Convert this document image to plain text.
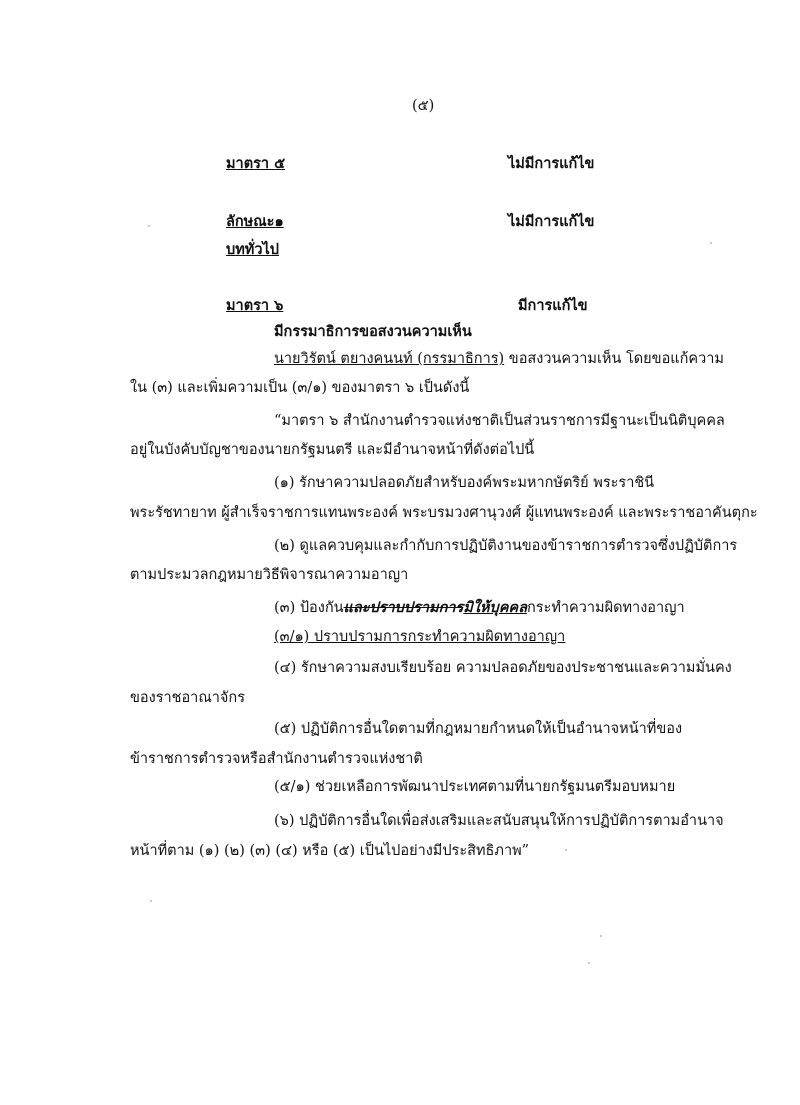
(๕)
มาตรา ๕	ไม่มีการแก้ไข
ลักษณะ๑	ไม่มีการแก้ไข
บททั่วไป
มาตรา ๖	มีการแก้ไข
มีกรรมาธิการขอสงวนความเห็น
นายวิรัตน์ ตยางคนนท์ (กรรมาธิการ) ขอสงวนความเห็น โดยขอแก้ความ
ใน (๓) และเพิ่มความเป็น (๓/๑) ของมาตรา ๖ เป็นดังนี้
“มาตรา ๖ สำนักงานตำรวจแห่งชาติเป็นส่วนราชการมีฐานะเป็นนิติบุคคล
อยู่ในบังคับบัญชาของนายกรัฐมนตรี และมีอำนาจหน้าที่ดังต่อไปนี้
(๑) รักษาความปลอดภัยสำหรับองค์พระมหากษัตริย์ พระราชินี
พระรัชทายาท ผู้สำเร็จราชการแทนพระองค์ พระบรมวงศานุวงศ์ ผู้แทนพระองค์ และพระราชอาคันตุกะ
(๒) ดูแลควบคุมและกำกับการปฏิบัติงานของข้าราชการตำรวจซึ่งปฏิบัติการ
ตามประมวลกฎหมายวิธีพิจารณาความอาญา
(๓) ป้องกันและปราบปรามการมิให้บุคคลกระทำความผิดทางอาญา
(๓/๑) ปราบปรามการกระทำความผิดทางอาญา
(๔) รักษาความสงบเรียบร้อย ความปลอดภัยของประชาชนและความมั่นคง
ของราชอาณาจักร
(๕) ปฏิบัติการอื่นใดตามที่กฎหมายกำหนดให้เป็นอำนาจหน้าที่ของ
ข้าราชการตำรวจหรือสำนักงานตำรวจแห่งชาติ
(๕/๑) ช่วยเหลือการพัฒนาประเทศตามที่นายกรัฐมนตรีมอบหมาย
(๖) ปฏิบัติการอื่นใดเพื่อส่งเสริมและสนับสนุนให้การปฏิบัติการตามอำนาจ
หน้าที่ตาม (๑) (๒) (๓) (๔) หรือ (๕) เป็นไปอย่างมีประสิทธิภาพ”
